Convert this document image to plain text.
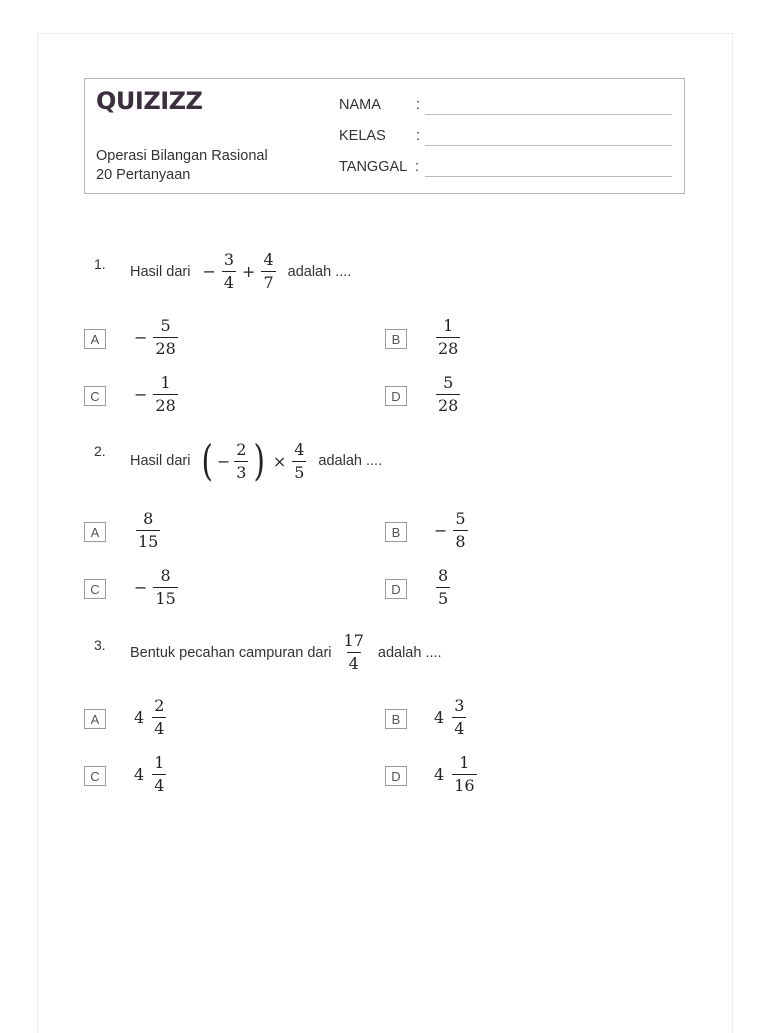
QUIZIZZ
Operasi Bilangan Rasional
20 Pertanyaan
NAMA :
KELAS :
TANGGAL :
1. Hasil dari − $\frac{3}{4} + \frac{4}{7}$ adalah ....
A	− $\frac{5}{28}$	B	$\frac{1}{28}$
C	− $\frac{1}{28}$	D	$\frac{5}{28}$
2.
Hasil dari ( − $\frac{2}{3}$ ) × $\frac{4}{5}$ adalah ....
A	$\frac{8}{15}$	B	− $\frac{5}{8}$
C	− $\frac{8}{15}$	D	$\frac{8}{5}$
3. Bentuk pecahan campuran dari $\frac{17}{4}$ adalah ....
A	$4 \frac{2}{4}$	B	$4 \frac{3}{4}$
C	$4 \frac{1}{4}$	D	$4 \frac{1}{16}$
